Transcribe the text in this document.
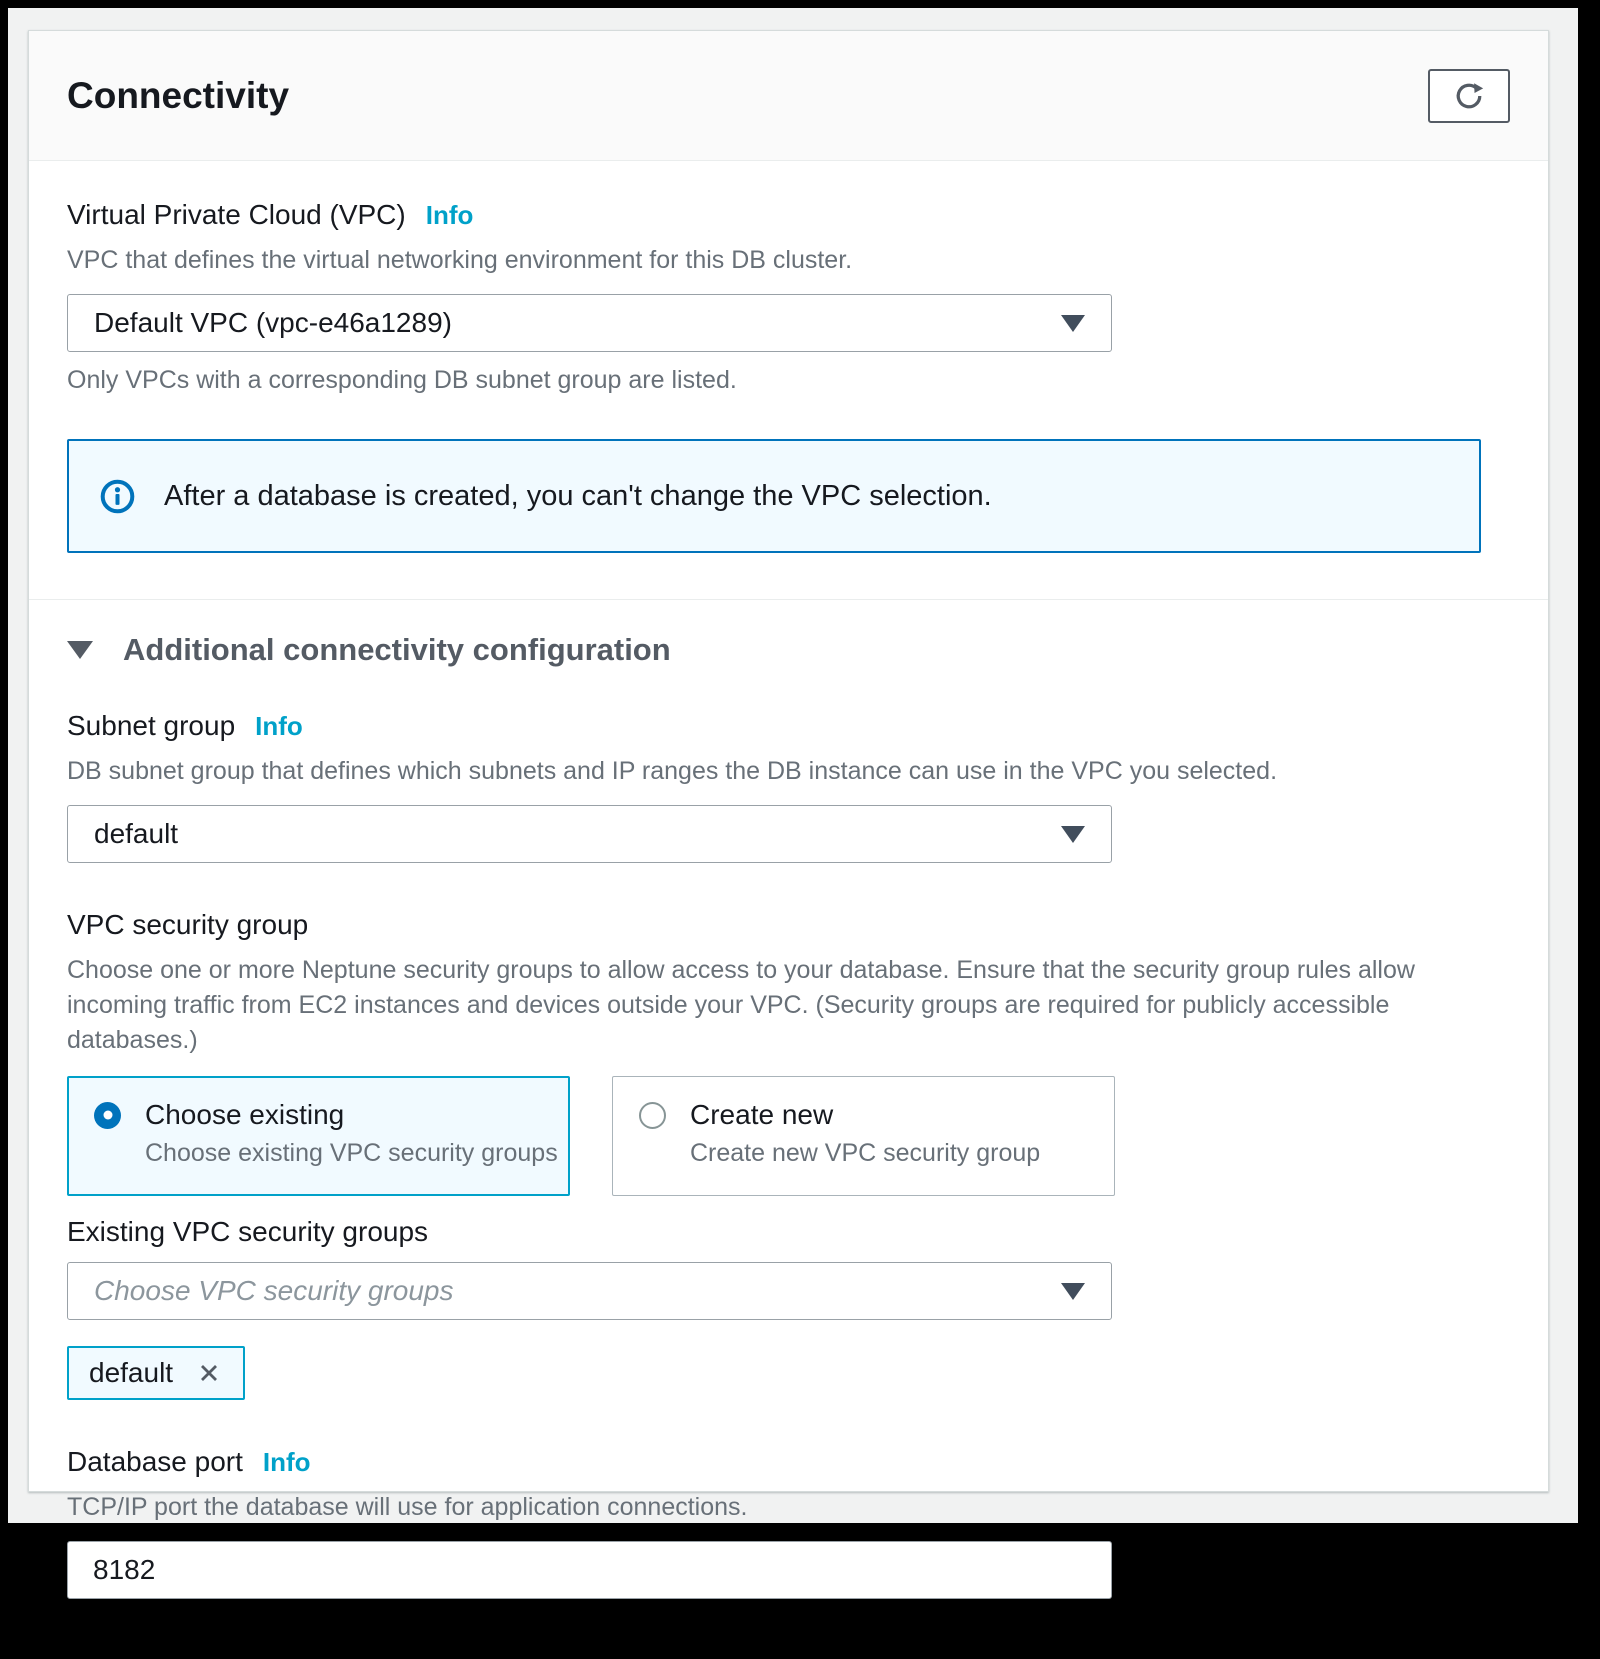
Connectivity
Virtual Private Cloud (VPC) Info
VPC that defines the virtual networking environment for this DB cluster.
Default VPC (vpc-e46a1289)
Only VPCs with a corresponding DB subnet group are listed.
After a database is created, you can't change the VPC selection.
Additional connectivity configuration
Subnet group Info
DB subnet group that defines which subnets and IP ranges the DB instance can use in the VPC you selected.
default
VPC security group
Choose one or more Neptune security groups to allow access to your database. Ensure that the security group rules allow incoming traffic from EC2 instances and devices outside your VPC. (Security groups are required for publicly accessible databases.)
Choose existing
Choose existing VPC security groups
Create new
Create new VPC security group
Existing VPC security groups
Choose VPC security groups
default
Database port Info
TCP/IP port the database will use for application connections.
8182
